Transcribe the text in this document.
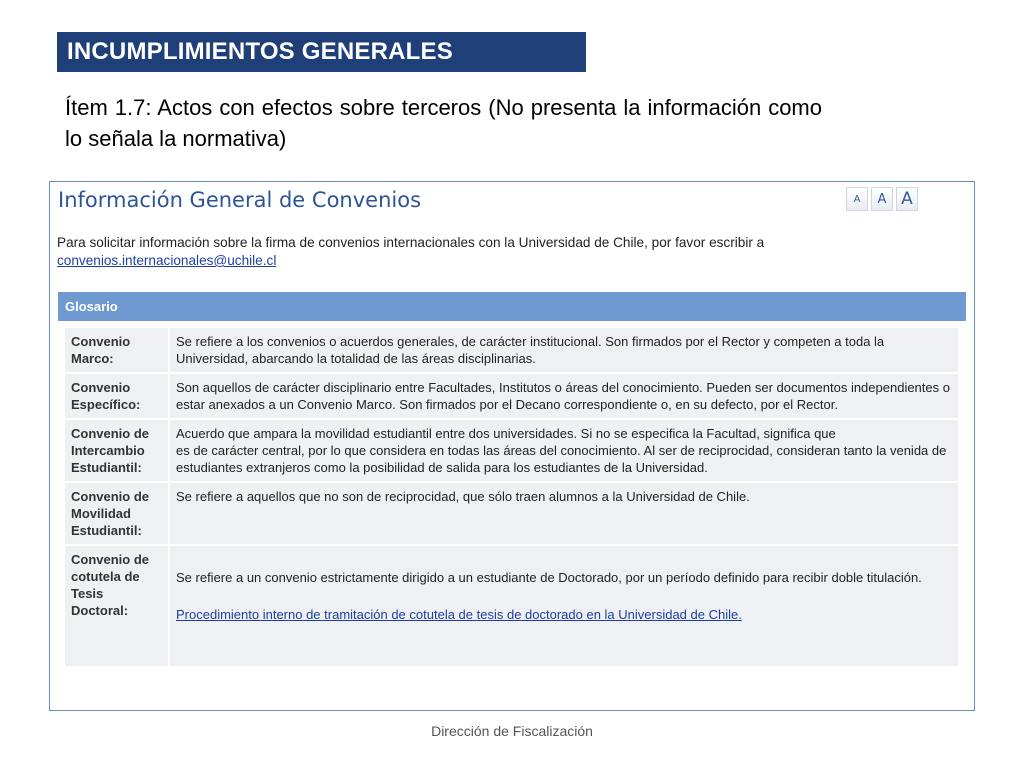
INCUMPLIMIENTOS GENERALES
Ítem 1.7: Actos con efectos sobre terceros (No presenta la información como lo señala la normativa)
Información General de Convenios	A	A A
Para solicitar información sobre la firma de convenios internacionales con la Universidad de Chile, por favor escribir a
convenios.internacionales@uchile.cl
Glosario
Convenio Marco:	Se refiere a los convenios o acuerdos generales, de carácter institucional. Son firmados por el Rector y competen a toda la Universidad, abarcando la totalidad de las áreas disciplinarias.
Convenio Específico:	Son aquellos de carácter disciplinario entre Facultades, Institutos o áreas del conocimiento. Pueden ser documentos independientes o estar anexados a un Convenio Marco. Son firmados por el Decano correspondiente o, en su defecto, por el Rector.
Convenio de Intercambio Estudiantil:	Acuerdo que ampara la movilidad estudiantil entre dos universidades. Si no se especifica la Facultad, significa que
es de carácter central, por lo que considera en todas las áreas del conocimiento. Al ser de reciprocidad, consideran tanto la venida de estudiantes extranjeros como la posibilidad de salida para los estudiantes de la Universidad.
Convenio de Movilidad Estudiantil:	Se refiere a aquellos que no son de reciprocidad, que sólo traen alumnos a la Universidad de Chile.
Convenio de cotutela de Tesis Doctoral:	Se refiere a un convenio estrictamente dirigido a un estudiante de Doctorado, por un período definido para recibir doble titulación.
Procedimiento interno de tramitación de cotutela de tesis de doctorado en la Universidad de Chile.
Dirección de Fiscalización
